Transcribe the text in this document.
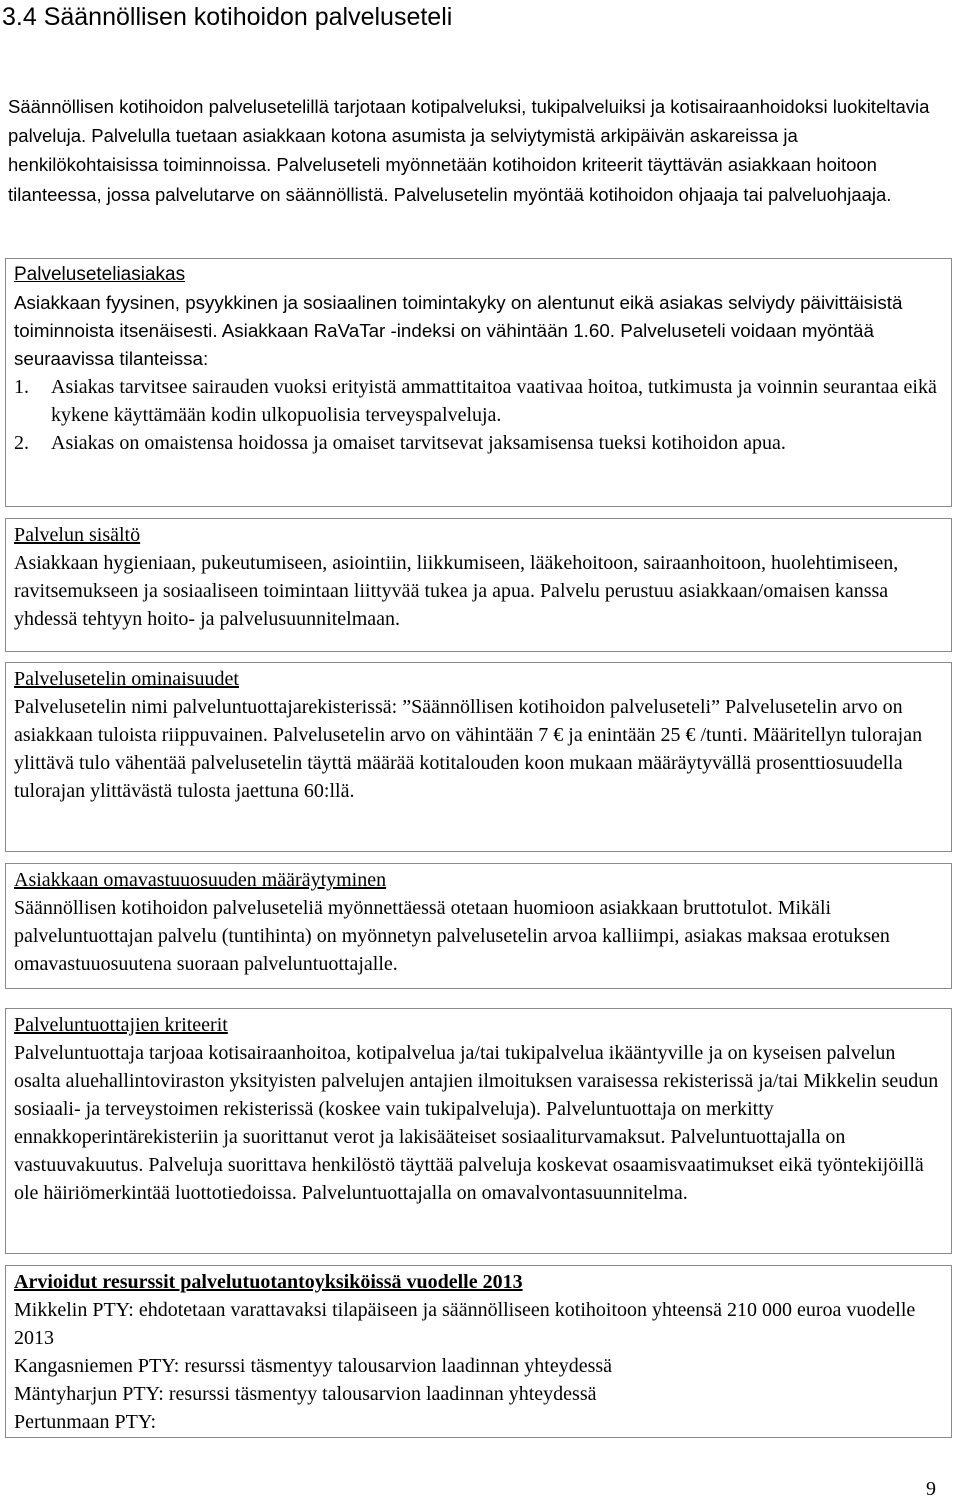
3.4 Säännöllisen kotihoidon palveluseteli

Säännöllisen kotihoidon palvelusetelillä tarjotaan kotipalveluksi, tukipalveluiksi ja kotisairaanhoidoksi luokiteltavia palveluja. Palvelulla tuetaan asiakkaan kotona asumista ja selviytymistä arkipäivän askareissa ja henkilökohtaisissa toiminnoissa. Palveluseteli myönnetään kotihoidon kriteerit täyttävän asiakkaan hoitoon tilanteessa, jossa palvelutarve on säännöllistä. Palvelusetelin myöntää kotihoidon ohjaaja tai palveluohjaaja.

Palveluseteliasiakas

Asiakkaan fyysinen, psyykkinen ja sosiaalinen toimintakyky on alentunut eikä asiakas selviydy päivittäisistä toiminnoista itsenäisesti. Asiakkaan RaVaTar -indeksi on vähintään 1.60. Palveluseteli voidaan myöntää seuraavissa tilanteissa:

1. Asiakas tarvitsee sairauden vuoksi erityistä ammattitaitoa vaativaa hoitoa, tutkimusta ja voinnin seurantaa eikä kykene käyttämään kodin ulkopuolisia terveyspalveluja.
2. Asiakas on omaistensa hoidossa ja omaiset tarvitsevat jaksamisensa tueksi kotihoidon apua.

Palvelun sisältö

Asiakkaan hygieniaan, pukeutumiseen, asiointiin, liikkumiseen, lääkehoitoon, sairaanhoitoon, huolehtimiseen, ravitsemukseen ja sosiaaliseen toimintaan liittyvää tukea ja apua. Palvelu perustuu asiakkaan/omaisen kanssa yhdessä tehtyyn hoito- ja palvelusuunnitelmaan.

Palvelusetelin ominaisuudet

Palvelusetelin nimi palveluntuottajarekisterissä: ”Säännöllisen kotihoidon palveluseteli” Palvelusetelin arvo on asiakkaan tuloista riippuvainen. Palvelusetelin arvo on vähintään 7 € ja enintään 25 € /tunti. Määritellyn tulorajan ylittävä tulo vähentää palvelusetelin täyttä määrää kotitalouden koon mukaan määräytyvällä prosenttiosuudella tulorajan ylittävästä tulosta jaettuna 60:llä.

Asiakkaan omavastuuosuuden määräytyminen

Säännöllisen kotihoidon palveluseteliä myönnettäessä otetaan huomioon asiakkaan bruttotulot. Mikäli palveluntuottajan palvelu (tuntihinta) on myönnetyn palvelusetelin arvoa kalliimpi, asiakas maksaa erotuksen omavastuuosuutena suoraan palveluntuottajalle.

Palveluntuottajien kriteerit

Palveluntuottaja tarjoaa kotisairaanhoitoa, kotipalvelua ja/tai tukipalvelua ikääntyville ja on kyseisen palvelun osalta aluehallintoviraston yksityisten palvelujen antajien ilmoituksen varaisessa rekisterissä ja/tai Mikkelin seudun sosiaali- ja terveystoimen rekisterissä (koskee vain tukipalveluja). Palveluntuottaja on merkitty ennakkoperintärekisteriin ja suorittanut verot ja lakisääteiset sosiaaliturvamaksut. Palveluntuottajalla on vastuuvakuutus. Palveluja suorittava henkilöstö täyttää palveluja koskevat osaamisvaatimukset eikä työntekijöillä ole häiriömerkintää luottotiedoissa. Palveluntuottajalla on omavalvontasuunnitelma.

Arvioidut resurssit palvelutuotantoyksiköissä vuodelle 2013

Mikkelin PTY: ehdotetaan varattavaksi tilapäiseen ja säännölliseen kotihoitoon yhteensä 210 000 euroa vuodelle 2013

Kangasniemen PTY: resurssi täsmentyy talousarvion laadinnan yhteydessä

Mäntyharjun PTY: resurssi täsmentyy talousarvion laadinnan yhteydessä

Pertunmaan PTY:

9
